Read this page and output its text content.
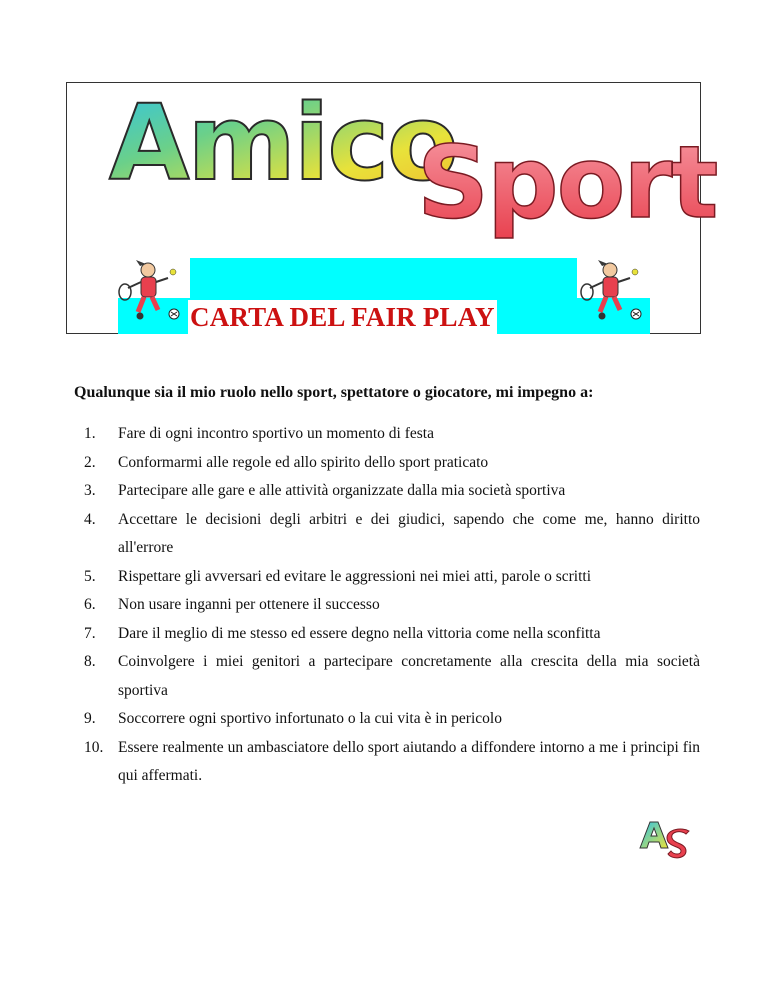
Amico
Sport
CARTA DEL FAIR PLAY
Qualunque sia il mio ruolo nello sport, spettatore o giocatore, mi impegno a:
1.	Fare di ogni incontro sportivo un momento di festa
2.	Conformarmi alle regole ed allo spirito dello sport praticato
3.	Partecipare alle gare e alle attività organizzate dalla mia società sportiva
4.	Accettare le decisioni degli arbitri e dei giudici, sapendo che come me, hanno diritto all'errore
5.	Rispettare gli avversari ed evitare le aggressioni nei miei atti, parole o scritti
6.	Non usare inganni per ottenere il successo
7.	Dare il meglio di me stesso ed essere degno nella vittoria come nella sconfitta
8.	Coinvolgere i miei genitori a partecipare concretamente alla crescita della mia società sportiva
9.	Soccorrere ogni sportivo infortunato o la cui vita è in pericolo
10. Essere realmente un ambasciatore dello sport aiutando a diffondere intorno a me i principi fin qui affermati.
